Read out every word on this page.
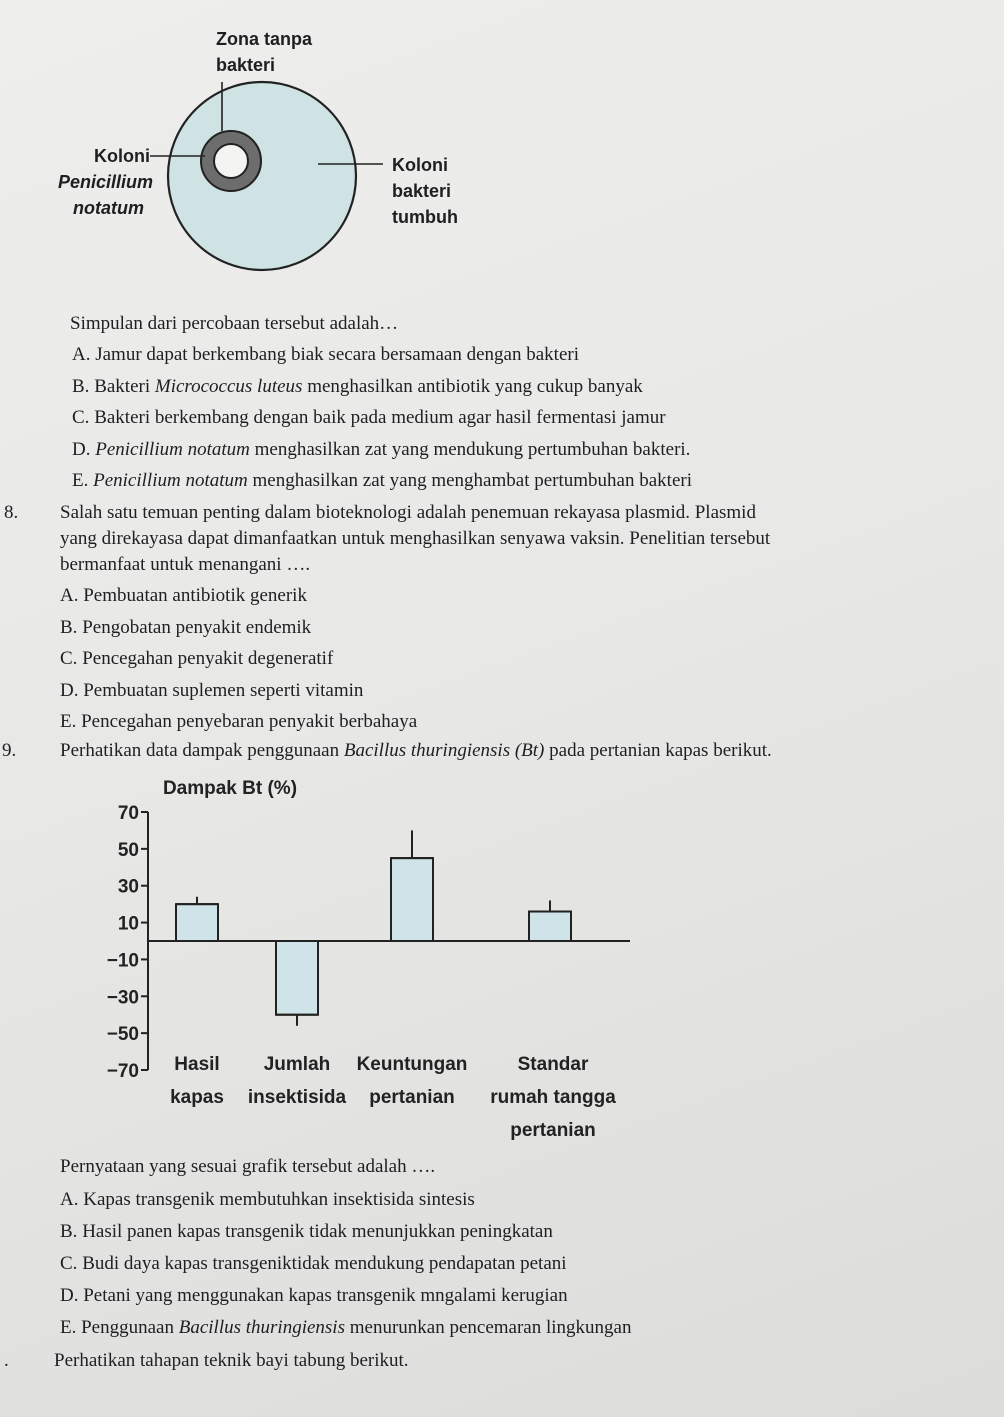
Zona tanpa
bakteri
Koloni
Penicillium
notatum
Koloni
bakteri
tumbuh
Simpulan dari percobaan tersebut adalah…
A. Jamur dapat berkembang biak secara bersamaan dengan bakteri
B. Bakteri Micrococcus luteus menghasilkan antibiotik yang cukup banyak
C. Bakteri berkembang dengan baik pada medium agar hasil fermentasi jamur
D. Penicillium notatum menghasilkan zat yang mendukung pertumbuhan bakteri.
E. Penicillium notatum menghasilkan zat yang menghambat pertumbuhan bakteri
8. Salah satu temuan penting dalam bioteknologi adalah penemuan rekayasa plasmid. Plasmid
yang direkayasa dapat dimanfaatkan untuk menghasilkan senyawa vaksin. Penelitian tersebut
bermanfaat untuk menangani ….
A. Pembuatan antibiotik generik
B. Pengobatan penyakit endemik
C. Pencegahan penyakit degeneratif
D. Pembuatan suplemen seperti vitamin
E. Pencegahan penyebaran penyakit berbahaya
9. Perhatikan data dampak penggunaan Bacillus thuringiensis (Bt) pada pertanian kapas berikut.
Dampak Bt (%)
70
50
30
10
−10
−30
−50
−70 Hasil
kapas
Jumlah
insektisida
Keuntungan
pertanian
Standar
rumah tangga
pertanian
Pernyataan yang sesuai grafik tersebut adalah ….
A. Kapas transgenik membutuhkan insektisida sintesis
B. Hasil panen kapas transgenik tidak menunjukkan peningkatan
C. Budi daya kapas transgeniktidak mendukung pendapatan petani
D. Petani yang menggunakan kapas transgenik mngalami kerugian
E. Penggunaan Bacillus thuringiensis menurunkan pencemaran lingkungan
. Perhatikan tahapan teknik bayi tabung berikut.
